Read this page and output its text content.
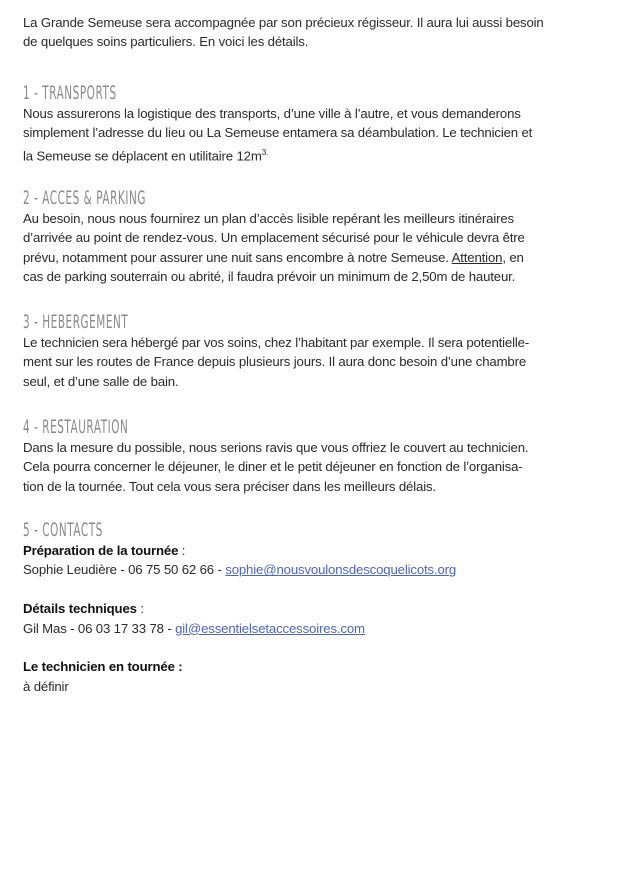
La Grande Semeuse sera accompagnée par son précieux régisseur. Il aura lui aussi besoin
de quelques soins particuliers. En voici les détails.
1 - TRANSPORTS
Nous assurerons la logistique des transports, d’une ville à l’autre, et vous demanderons
simplement l’adresse du lieu ou La Semeuse entamera sa déambulation. Le technicien et
la Semeuse se déplacent en utilitaire $12m^{3.}$
2 - ACCES & PARKING
Au besoin, nous nous fournirez un plan d’accès lisible repérant les meilleurs itinéraires
d’arrivée au point de rendez-vous. Un emplacement sécurisé pour le véhicule devra être
prévu, notamment pour assurer une nuit sans encombre à notre Semeuse. Attention, en
cas de parking souterrain ou abrité, il faudra prévoir un minimum de 2,50m de hauteur.
3 - HEBERGEMENT
Le technicien sera hébergé par vos soins, chez l’habitant par exemple. Il sera potentielle-
ment sur les routes de France depuis plusieurs jours. Il aura donc besoin d’une chambre
seul, et d’une salle de bain.
4 - RESTAURATION
Dans la mesure du possible, nous serions ravis que vous offriez le couvert au technicien.
Cela pourra concerner le déjeuner, le diner et le petit déjeuner en fonction de l’organisa-
tion de la tournée. Tout cela vous sera préciser dans les meilleurs délais.
5 - CONTACTS
Préparation de la tournée :
Sophie Leudière - 06 75 50 62 66 - sophie@nousvoulonsdescoquelicots.org

Détails techniques :
Gil Mas - 06 03 17 33 78 - gil@essentielsetaccessoires.com

Le technicien en tournée :
à définir
